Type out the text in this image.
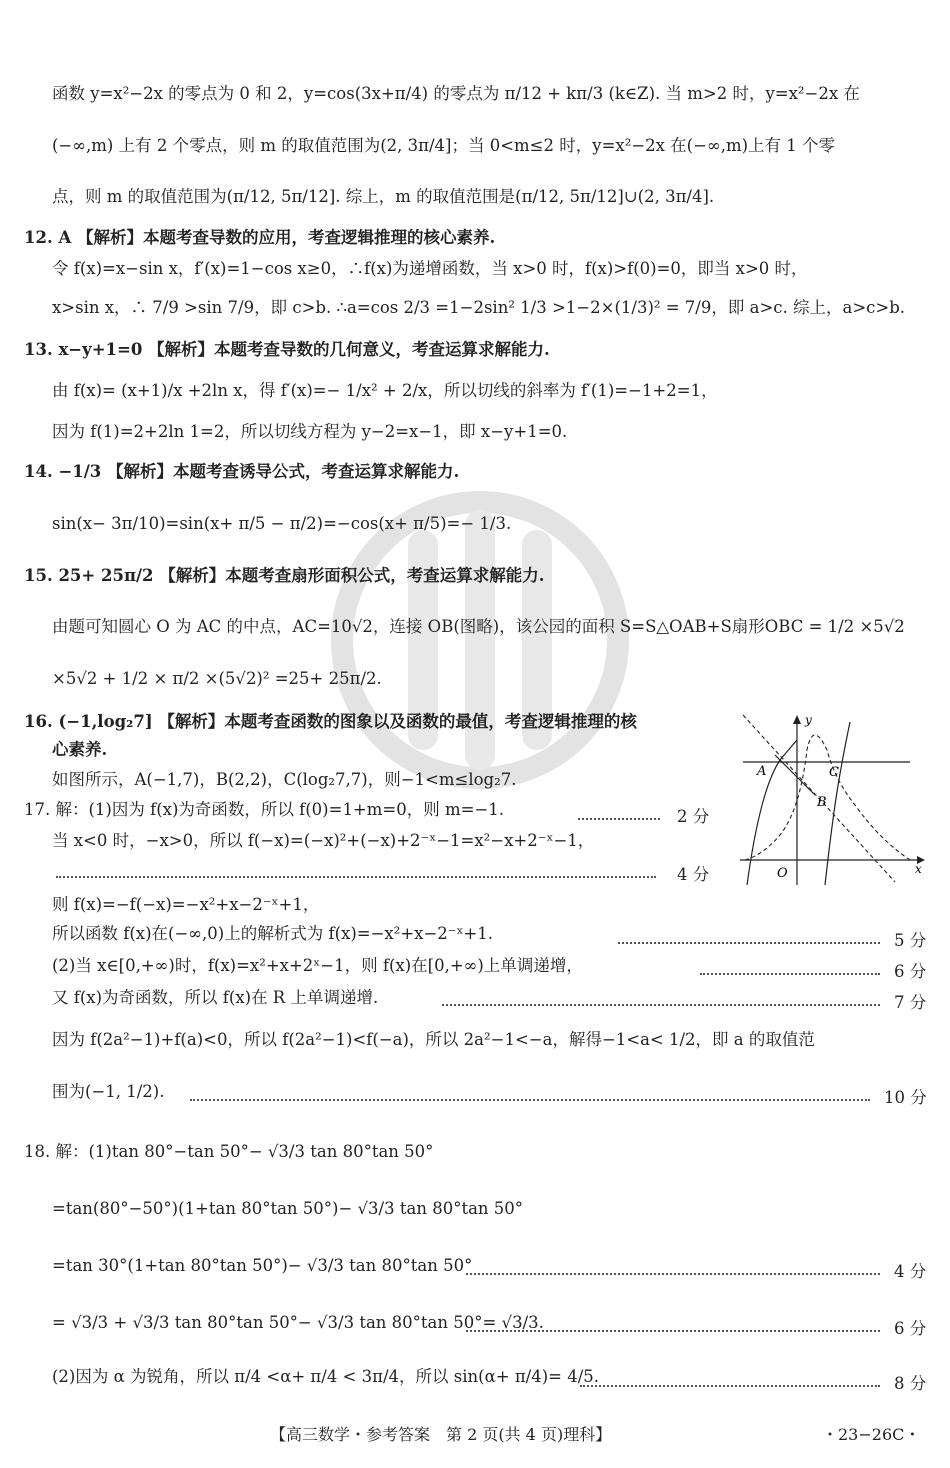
函数 y=x²−2x 的零点为 0 和 2，y=cos(3x+π/4) 的零点为 π/12 + kπ/3 (k∈Z). 当 m>2 时，y=x²−2x 在
(−∞,m) 上有 2 个零点，则 m 的取值范围为(2, 3π/4]；当 0<m≤2 时，y=x²−2x 在(−∞,m)上有 1 个零
点，则 m 的取值范围为(π/12, 5π/12]. 综上，m 的取值范围是(π/12, 5π/12]∪(2, 3π/4].
12. A 【解析】本题考查导数的应用，考查逻辑推理的核心素养.
令 f(x)=x−sin x，f′(x)=1−cos x≥0，∴f(x)为递增函数，当 x>0 时，f(x)>f(0)=0，即当 x>0 时，
x>sin x，∴ 7/9 >sin 7/9，即 c>b. ∴a=cos 2/3 =1−2sin² 1/3 >1−2×(1/3)² = 7/9，即 a>c. 综上，a>c>b.
13. x−y+1=0 【解析】本题考查导数的几何意义，考查运算求解能力.
由 f(x)= (x+1)/x +2ln x，得 f′(x)=− 1/x² + 2/x，所以切线的斜率为 f′(1)=−1+2=1，
因为 f(1)=2+2ln 1=2，所以切线方程为 y−2=x−1，即 x−y+1=0.
14. −1/3 【解析】本题考查诱导公式，考查运算求解能力.
sin(x− 3π/10)=sin(x+ π/5 − π/2)=−cos(x+ π/5)=− 1/3.
15. 25+ 25π/2 【解析】本题考查扇形面积公式，考查运算求解能力.
由题可知圆心 O 为 AC 的中点，AC=10√2，连接 OB(图略)，该公园的面积 S=S△OAB+S扇形OBC = 1/2 ×5√2
×5√2 + 1/2 × π/2 ×(5√2)² =25+ 25π/2.
16. (−1,log₂7] 【解析】本题考查函数的图象以及函数的最值，考查逻辑推理的核
心素养.
如图所示，A(−1,7)，B(2,2)，C(log₂7,7)，则−1<m≤log₂7.
17. 解：(1)因为 f(x)为奇函数，所以 f(0)=1+m=0，则 m=−1.
当 x<0 时，−x>0，所以 f(−x)=(−x)²+(−x)+2⁻ˣ−1=x²−x+2⁻ˣ−1，
则 f(x)=−f(−x)=−x²+x−2⁻ˣ+1，
所以函数 f(x)在(−∞,0)上的解析式为 f(x)=−x²+x−2⁻ˣ+1.
(2)当 x∈[0,+∞)时，f(x)=x²+x+2ˣ−1，则 f(x)在[0,+∞)上单调递增，
又 f(x)为奇函数，所以 f(x)在 R 上单调递增.
因为 f(2a²−1)+f(a)<0，所以 f(2a²−1)<f(−a)，所以 2a²−1<−a，解得−1<a< 1/2，即 a 的取值范
围为(−1, 1/2).
18. 解：(1)tan 80°−tan 50°− √3/3 tan 80°tan 50°
=tan(80°−50°)(1+tan 80°tan 50°)− √3/3 tan 80°tan 50°
=tan 30°(1+tan 80°tan 50°)− √3/3 tan 80°tan 50°
= √3/3 + √3/3 tan 80°tan 50°− √3/3 tan 80°tan 50°= √3/3.
(2)因为 α 为锐角，所以 π/4 <α+ π/4 < 3π/4，所以 sin(α+ π/4)= 4/5.
2 分
4 分
5 分
6 分
7 分
10 分
4 分
6 分
8 分
y
x
O
A
B
C
【高三数学・参考答案　第 2 页(共 4 页)理科】	・23−26C・
